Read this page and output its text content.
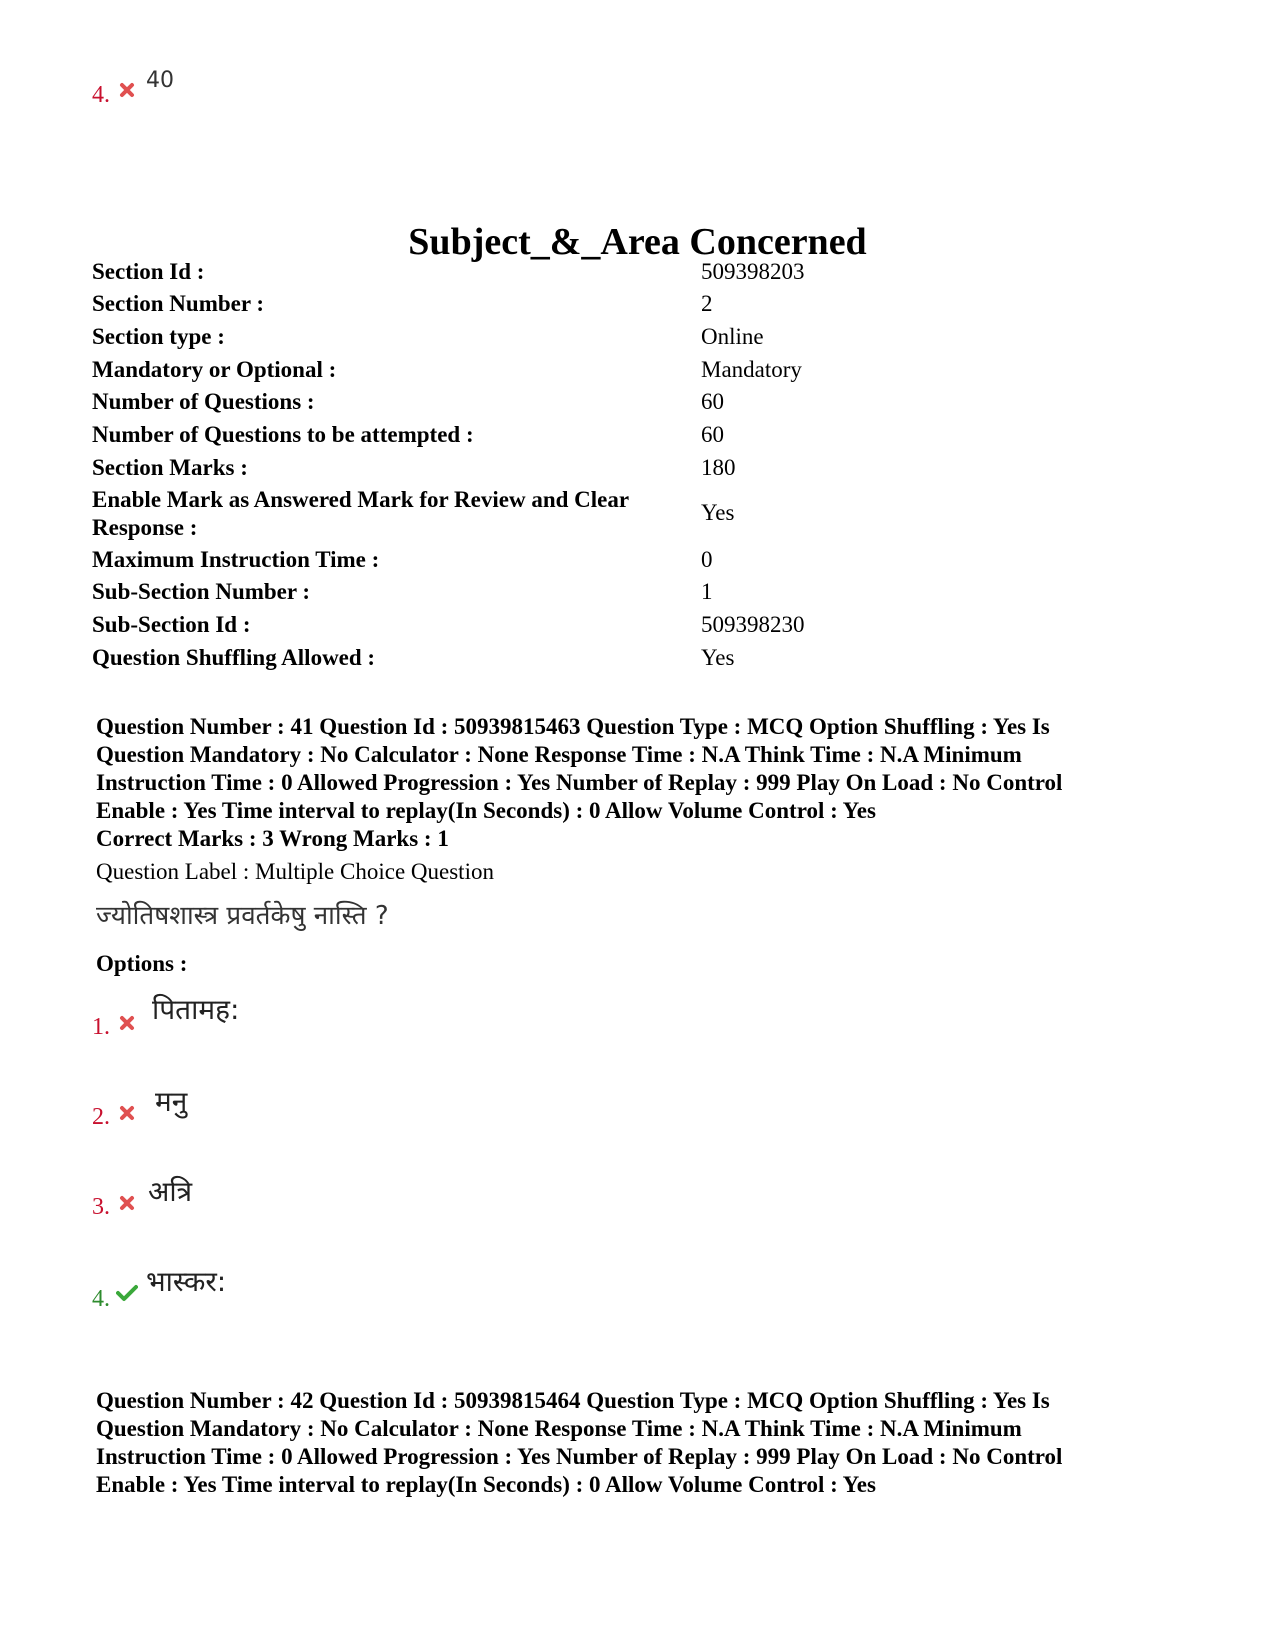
4.
40
Subject_&_Area Concerned
Section Id :	509398203
Section Number :	2
Section type :	Online
Mandatory or Optional :	Mandatory
Number of Questions :	60
Number of Questions to be attempted :	60
Section Marks :	180
Enable Mark as Answered Mark for Review and Clear Response :
Yes
Maximum Instruction Time :	0
Sub-Section Number :	1
Sub-Section Id :	509398230
Question Shuffling Allowed :	Yes
Question Number : 41 Question Id : 50939815463 Question Type : MCQ Option Shuffling : Yes Is
Question Mandatory : No Calculator : None Response Time : N.A Think Time : N.A Minimum
Instruction Time : 0 Allowed Progression : Yes Number of Replay : 999 Play On Load : No Control
Enable : Yes Time interval to replay(In Seconds) : 0 Allow Volume Control : Yes
Correct Marks : 3 Wrong Marks : 1
Question Label : Multiple Choice Question
ज्योतिषशास्त्र प्रवर्तकेषु नास्ति ?
Options :
1.
पितामह:
2. मनु
3. अत्रि
4.
भास्कर:
Question Number : 42 Question Id : 50939815464 Question Type : MCQ Option Shuffling : Yes Is
Question Mandatory : No Calculator : None Response Time : N.A Think Time : N.A Minimum
Instruction Time : 0 Allowed Progression : Yes Number of Replay : 999 Play On Load : No Control
Enable : Yes Time interval to replay(In Seconds) : 0 Allow Volume Control : Yes
